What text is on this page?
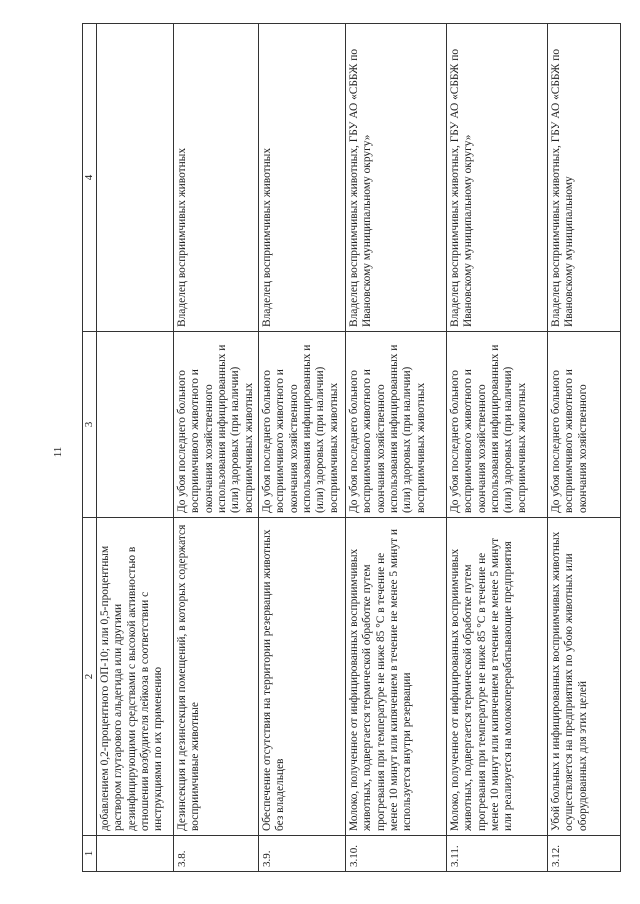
11
1	2	3	4
	добавлением 0,2-процентного ОП-10; или 0,5-процентным раствором глутарового альдегида или другими дезинфицирующими средствами с высокой активностью в отношении возбудителя лейкоза в соответствии с инструкциями по их применению		
3.8.	Дезинсекция и дезинсекция помещений, в которых содержатся восприимчивые животные	До убоя последнего больного восприимчивого животного и окончания хозяйственного использования инфицированных и (или) здоровых (при наличии) восприимчивых животных	Владелец восприимчивых животных
3.9.	Обеспечение отсутствия на территории резервации животных без владельцев	До убоя последнего больного восприимчивого животного и окончания хозяйственного использования инфицированных и (или) здоровых (при наличии) восприимчивых животных	Владелец восприимчивых животных
3.10.	Молоко, полученное от инфицированных восприимчивых животных, подвергается термической обработке путем прогревания при температуре не ниже 85 °С в течение не менее 10 минут или кипячением в течение не менее 5 минут и используется внутри резервации	До убоя последнего больного восприимчивого животного и окончания хозяйственного использования инфицированных и (или) здоровых (при наличии) восприимчивых животных	Владелец восприимчивых животных, ГБУ АО «СББЖ по Ивановскому муниципальному округу»
3.11.	Молоко, полученное от инфицированных восприимчивых животных, подвергается термической обработке путем прогревания при температуре не ниже 85 °С в течение не менее 10 минут или кипячением в течение не менее 5 минут или реализуется на молокоперерабатывающие предприятия	До убоя последнего больного восприимчивого животного и окончания хозяйственного использования инфицированных и (или) здоровых (при наличии) восприимчивых животных	Владелец восприимчивых животных, ГБУ АО «СББЖ по Ивановскому муниципальному округу»
3.12.	Убой больных и инфицированных восприимчивых животных осуществляется на предприятиях по убою животных или оборудованных для этих целей	До убоя последнего больного восприимчивого животного и окончания хозяйственного	Владелец восприимчивых животных, ГБУ АО «СББЖ по Ивановскому муниципальному
